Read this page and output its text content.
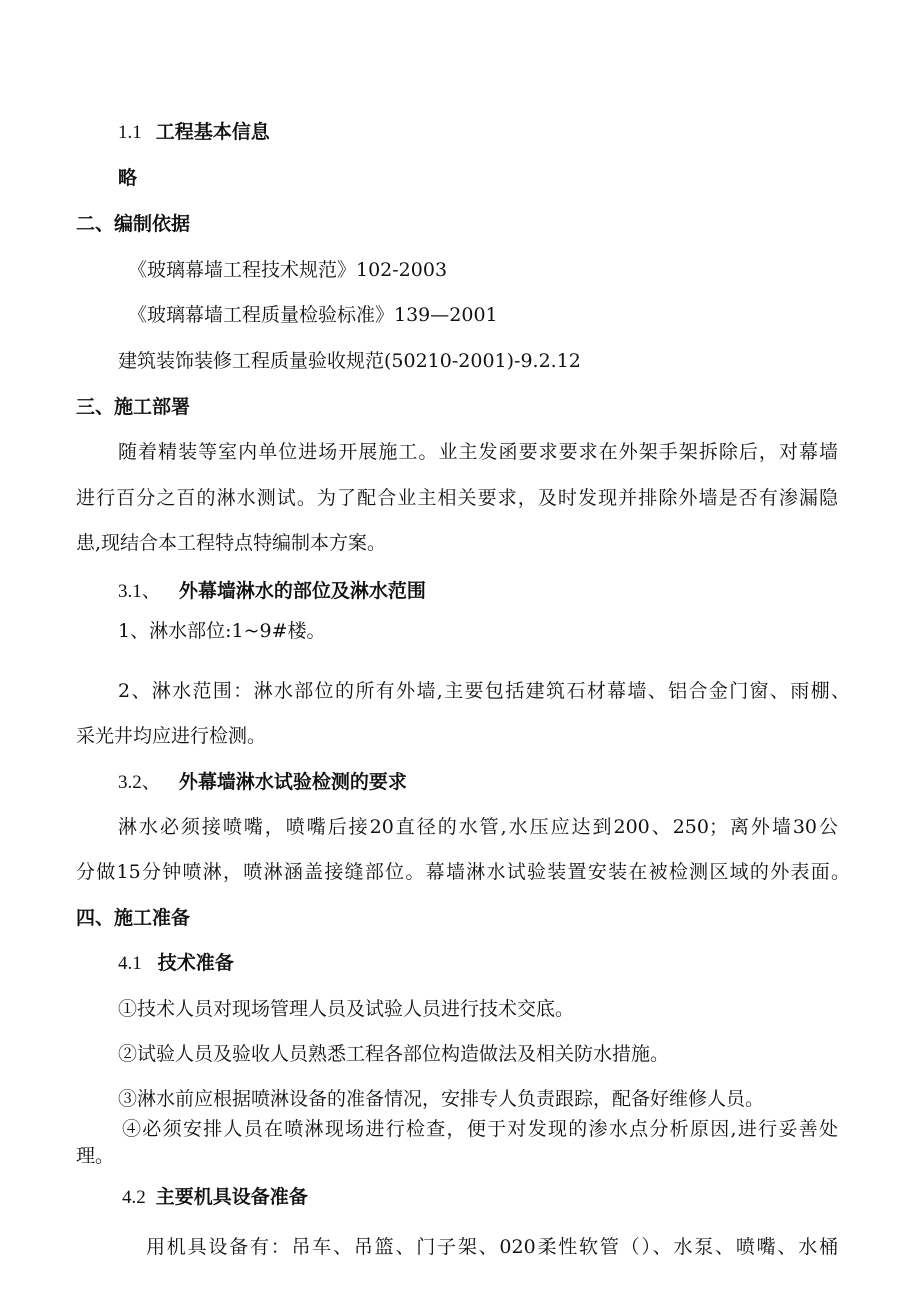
1.1 工程基本信息
略
二、编制依据
《玻璃幕墙工程技术规范》102-2003
《玻璃幕墙工程质量检验标准》139—2001
建筑装饰装修工程质量验收规范(50210-2001)-9.2.12
三、施工部署
随着精装等室内单位进场开展施工。业主发函要求要求在外架手架拆除后，对幕墙
进行百分之百的淋水测试。为了配合业主相关要求，及时发现并排除外墙是否有渗漏隐
患,现结合本工程特点特编制本方案。
3.1、 外幕墙淋水的部位及淋水范围
1、淋水部位:1~9#楼。
2、淋水范围：淋水部位的所有外墙,主要包括建筑石材幕墙、铝合金门窗、雨棚、
采光井均应进行检测。
3.2、 外幕墙淋水试验检测的要求
淋水必须接喷嘴，喷嘴后接20直径的水管,水压应达到200、250；离外墙30公
分做15分钟喷淋，喷淋涵盖接缝部位。幕墙淋水试验装置安装在被检测区域的外表面。
四、施工准备
4.1 技术准备
①技术人员对现场管理人员及试验人员进行技术交底。
②试验人员及验收人员熟悉工程各部位构造做法及相关防水措施。
③淋水前应根据喷淋设备的准备情况，安排专人负责跟踪，配备好维修人员。
④必须安排人员在喷淋现场进行检查，便于对发现的渗水点分析原因,进行妥善处
理。
4.2 主要机具设备准备
用机具设备有：吊车、吊篮、门子架、020柔性软管（）、水泵、喷嘴、水桶
